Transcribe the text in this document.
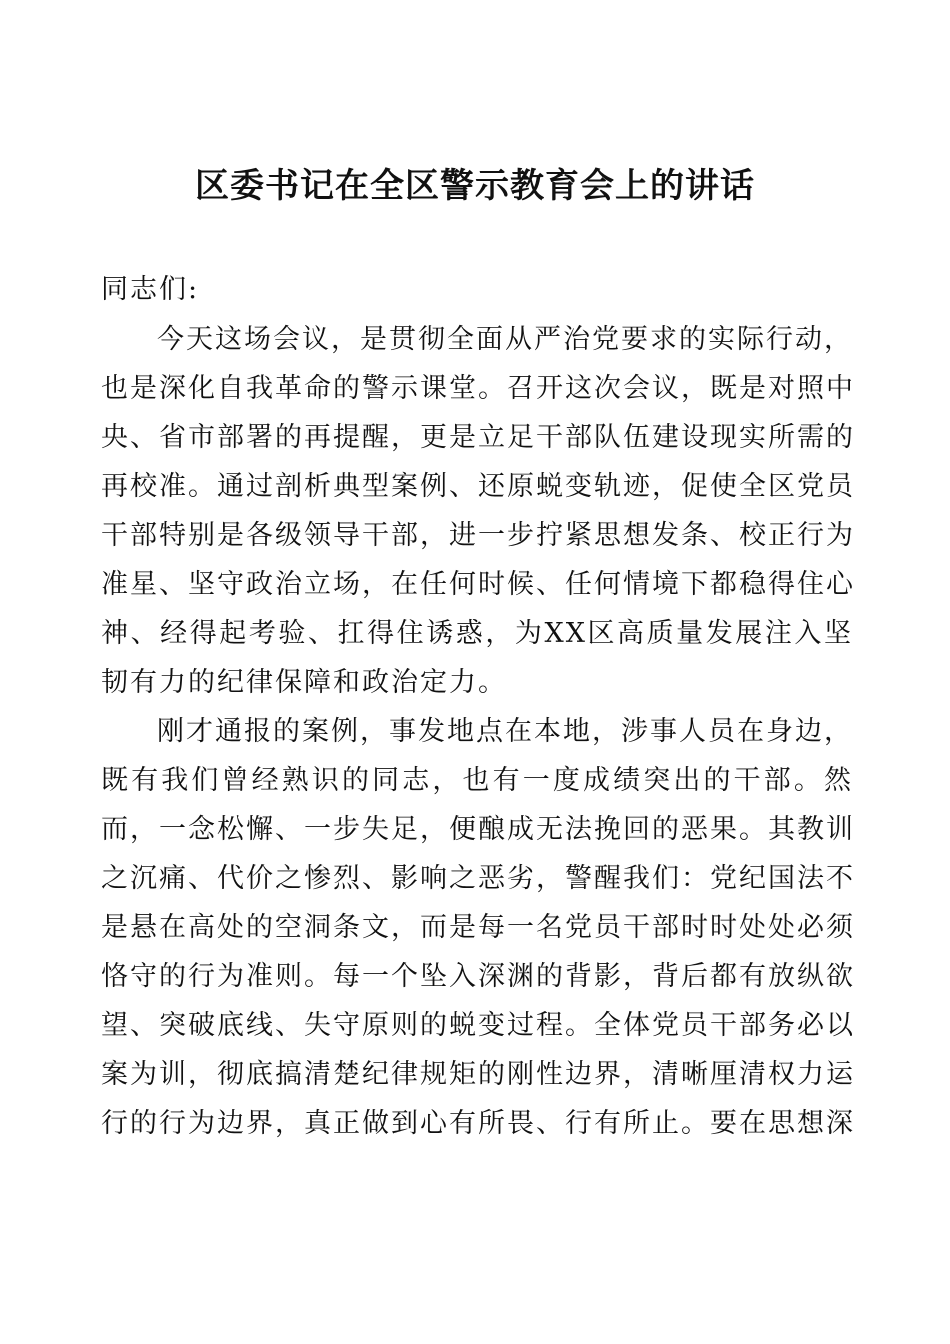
区委书记在全区警示教育会上的讲话

同志们:

今天这场会议，是贯彻全面从严治党要求的实际行动，
也是深化自我革命的警示课堂。召开这次会议，既是对照中
央、省市部署的再提醒，更是立足干部队伍建设现实所需的
再校准。通过剖析典型案例、还原蜕变轨迹，促使全区党员
干部特别是各级领导干部，进一步拧紧思想发条、校正行为
准星、坚守政治立场，在任何时候、任何情境下都稳得住心
神、经得起考验、扛得住诱惑，为XX区高质量发展注入坚
韧有力的纪律保障和政治定力。
刚才通报的案例，事发地点在本地，涉事人员在身边，
既有我们曾经熟识的同志，也有一度成绩突出的干部。然
而，一念松懈、一步失足，便酿成无法挽回的恶果。其教训
之沉痛、代价之惨烈、影响之恶劣，警醒我们：党纪国法不
是悬在高处的空洞条文，而是每一名党员干部时时处处必须
恪守的行为准则。每一个坠入深渊的背影，背后都有放纵欲
望、突破底线、失守原则的蜕变过程。全体党员干部务必以
案为训，彻底搞清楚纪律规矩的刚性边界，清晰厘清权力运
行的行为边界，真正做到心有所畏、行有所止。要在思想深
